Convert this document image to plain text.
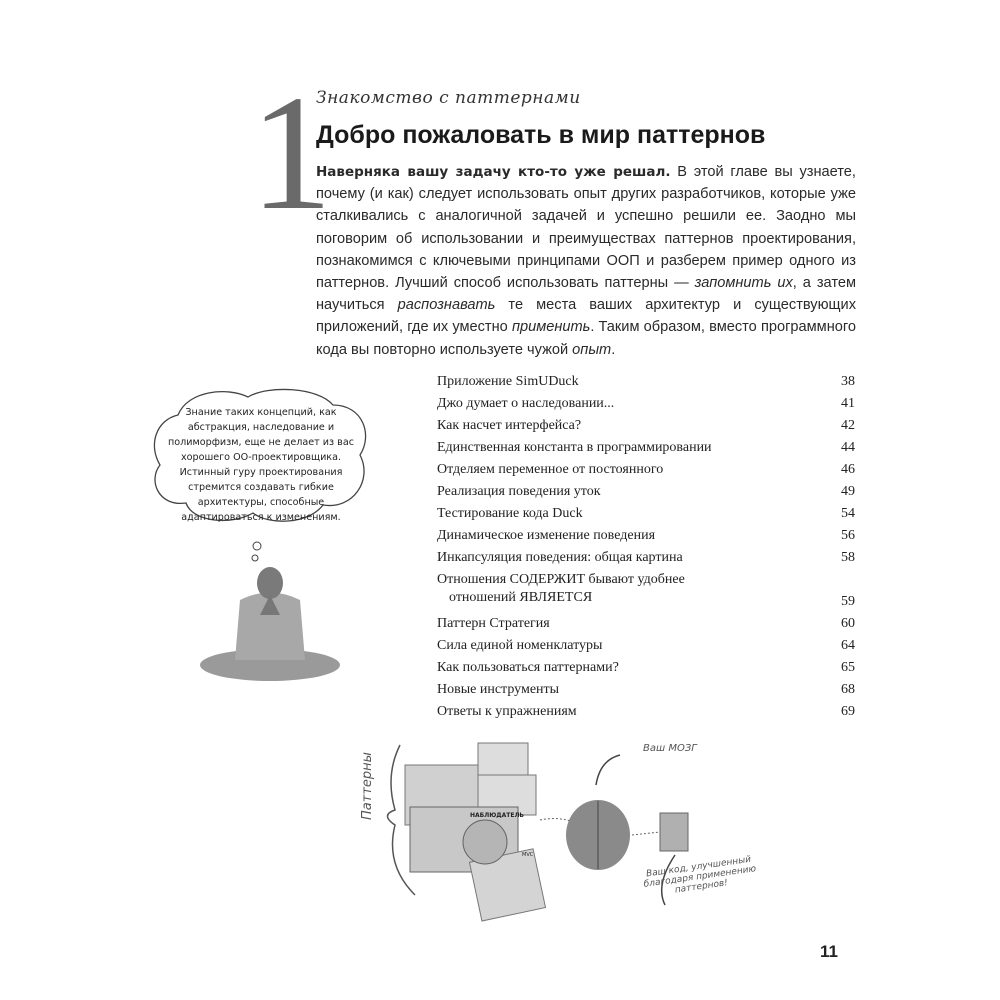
1
Знакомство с паттернами
Добро пожаловать в мир паттернов
Наверняка вашу задачу кто-то уже решал. В этой главе вы узнаете, почему (и как) следует использовать опыт других разработчиков, которые уже сталкивались с аналогичной задачей и успешно решили ее. Заодно мы поговорим об использовании и преимуществах паттернов проектирования, познакомимся с ключевыми принципами ООП и разберем пример одного из паттернов. Лучший способ использовать паттерны — запомнить их, а затем научиться распознавать те места ваших архитектур и существующих приложений, где их уместно применить. Таким образом, вместо программного кода вы повторно используете чужой опыт.
Приложение SimUDuck	38
Джо думает о наследовании...	41
Как насчет интерфейса?	42
Единственная константа в программировании	44
Отделяем переменное от постоянного	46
Реализация поведения уток	49
Тестирование кода Duck	54
Динамическое изменение поведения	56
Инкапсуляция поведения: общая картина	58
Отношения СОДЕРЖИТ бывают удобнее
отношений ЯВЛЯЕТСЯ	59
Паттерн Стратегия	60
Сила единой номенклатуры	64
Как пользоваться паттернами?	65
Новые инструменты	68
Ответы к упражнениям	69
Знание таких концепций, как абстракция, наследование и полиморфизм, еще не делает из вас хорошего ОО-проектировщика. Истинный гуру проектирования стремится создавать гибкие архитектуры, способные адаптироваться к изменениям.
Паттерны	НАБЛЮДАТЕЛЬ
MVC
Ваш МОЗГ
Ваш код, улучшенный благодаря применению паттернов!
11
